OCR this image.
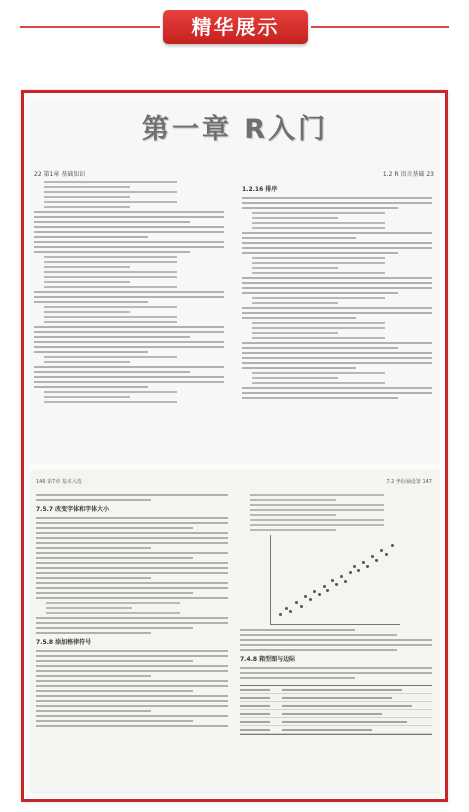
精华展示
第一章 R入门
22 第1章 基础知识	1.2 R 语言基础 23
1.2.16 排序
146 第7章 基本入选	7.2 坐标轴设置 147
7.5.7 改变字体和字体大小
7.5.8 添加格律符号
7.4.8 箱型图与边际
